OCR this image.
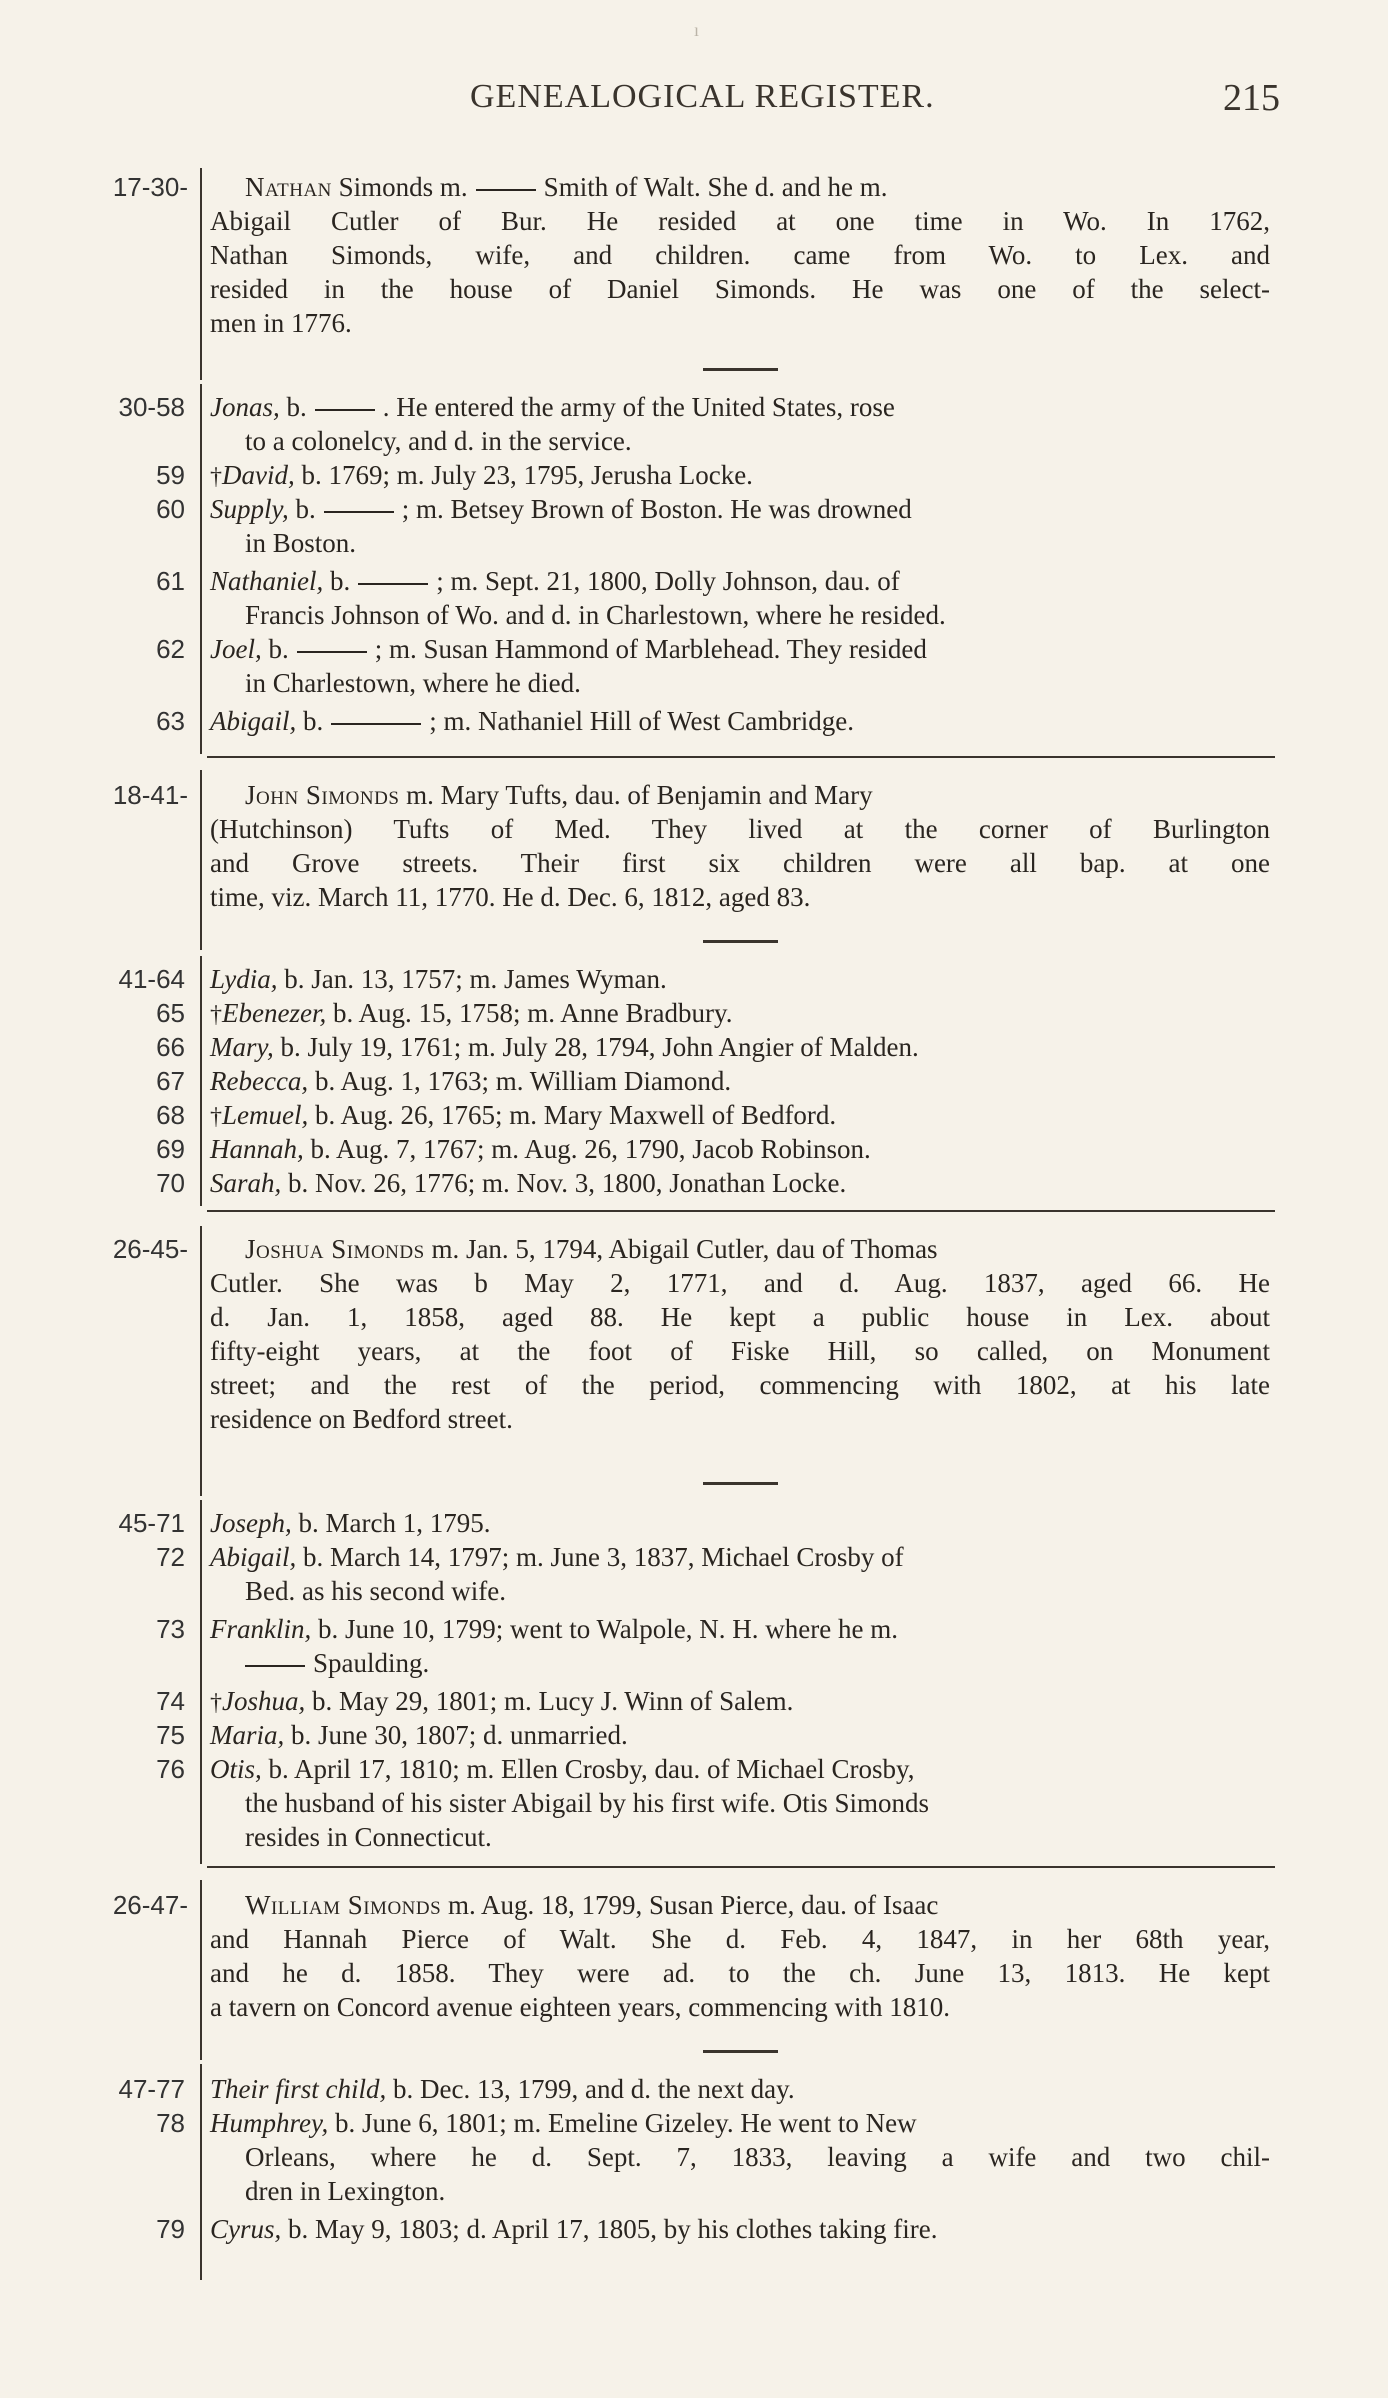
ı
GENEALOGICAL REGISTER.	215
17-30- Nathan Simonds m.	Smith of Walt. She d. and he m.
Abigail Cutler of Bur. He resided at one time in Wo. In 1762,
Nathan Simonds, wife, and children. came from Wo. to Lex. and
resided in the house of Daniel Simonds. He was one of the select-
men in 1776.
30-58 Jonas, b.	. He entered the army of the United States, rose
to a colonelcy, and d. in the service.
59 †David, b. 1769; m. July 23, 1795, Jerusha Locke.
60 Supply, b.	; m. Betsey Brown of Boston. He was drowned
in Boston.
61 Nathaniel, b.	; m. Sept. 21, 1800, Dolly Johnson, dau. of
Francis Johnson of Wo. and d. in Charlestown, where he resided.
62 Joel, b.	; m. Susan Hammond of Marblehead. They resided
in Charlestown, where he died.
63 Abigail, b.	; m. Nathaniel Hill of West Cambridge.
18-41- John Simonds m. Mary Tufts, dau. of Benjamin and Mary
(Hutchinson) Tufts of Med. They lived at the corner of Burlington
and Grove streets. Their first six children were all bap. at one
time, viz. March 11, 1770. He d. Dec. 6, 1812, aged 83.
41-64 Lydia, b. Jan. 13, 1757; m. James Wyman.
65 †Ebenezer, b. Aug. 15, 1758; m. Anne Bradbury.
66 Mary, b. July 19, 1761; m. July 28, 1794, John Angier of Malden.
67 Rebecca, b. Aug. 1, 1763; m. William Diamond.
68 †Lemuel, b. Aug. 26, 1765; m. Mary Maxwell of Bedford.
69 Hannah, b. Aug. 7, 1767; m. Aug. 26, 1790, Jacob Robinson.
70 Sarah, b. Nov. 26, 1776; m. Nov. 3, 1800, Jonathan Locke.
26-45- Joshua Simonds m. Jan. 5, 1794, Abigail Cutler, dau of Thomas
Cutler. She was b May 2, 1771, and d. Aug. 1837, aged 66. He
d. Jan. 1, 1858, aged 88. He kept a public house in Lex. about
fifty-eight years, at the foot of Fiske Hill, so called, on Monument
street; and the rest of the period, commencing with 1802, at his late
residence on Bedford street.
45-71 Joseph, b. March 1, 1795.
72 Abigail, b. March 14, 1797; m. June 3, 1837, Michael Crosby of
Bed. as his second wife.
73 Franklin, b. June 10, 1799; went to Walpole, N. H. where he m.
Spaulding.
74 †Joshua, b. May 29, 1801; m. Lucy J. Winn of Salem.
75 Maria, b. June 30, 1807; d. unmarried.
76 Otis, b. April 17, 1810; m. Ellen Crosby, dau. of Michael Crosby,
the husband of his sister Abigail by his first wife. Otis Simonds
resides in Connecticut.
26-47- William Simonds m. Aug. 18, 1799, Susan Pierce, dau. of Isaac
and Hannah Pierce of Walt. She d. Feb. 4, 1847, in her 68th year,
and he d. 1858. They were ad. to the ch. June 13, 1813. He kept
a tavern on Concord avenue eighteen years, commencing with 1810.
47-77 Their first child, b. Dec. 13, 1799, and d. the next day.
78 Humphrey, b. June 6, 1801; m. Emeline Gizeley. He went to New
Orleans, where he d. Sept. 7, 1833, leaving a wife and two chil-
dren in Lexington.
79 Cyrus, b. May 9, 1803; d. April 17, 1805, by his clothes taking fire.
